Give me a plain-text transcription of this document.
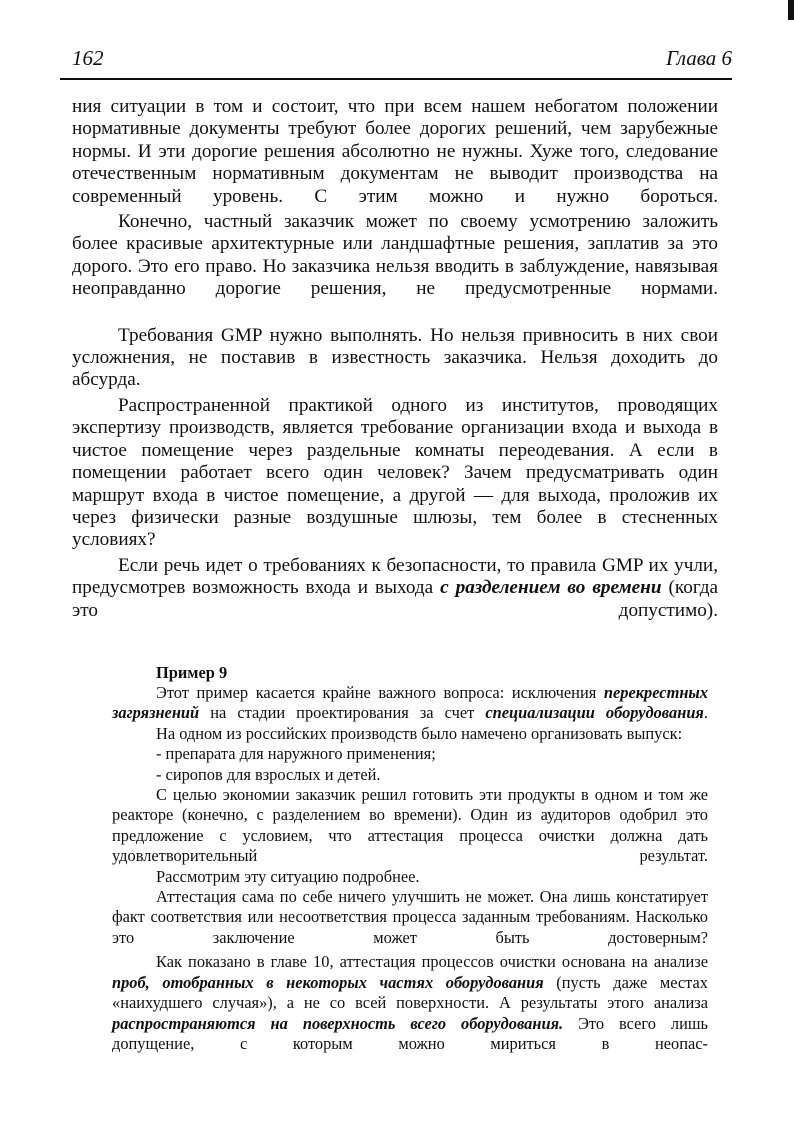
162	Глава 6

ния ситуации в том и состоит, что при всем нашем небогатом положении нормативные документы требуют более дорогих решений, чем зарубежные нормы. И эти дорогие решения абсолютно не нужны. Хуже того, следование отечественным нормативным документам не выводит производства на современный уровень. С этим можно и нужно бороться.

Конечно, частный заказчик может по своему усмотрению заложить более красивые архитектурные или ландшафтные решения, заплатив за это дорого. Это его право. Но заказчика нельзя вводить в заблуждение, навязывая неоправданно дорогие решения, не предусмотренные нормами.

Требования GMP нужно выполнять. Но нельзя привносить в них свои усложнения, не поставив в известность заказчика. Нельзя доходить до абсурда.

Распространенной практикой одного из институтов, проводящих экспертизу производств, является требование организации входа и выхода в чистое помещение через раздельные комнаты переодевания. А если в помещении работает всего один человек? Зачем предусматривать один маршрут входа в чистое помещение, а другой — для выхода, проложив их через физически разные воздушные шлюзы, тем более в стесненных условиях?

Если речь идет о требованиях к безопасности, то правила GMP их учли, предусмотрев возможность входа и выхода с разделением во времени (когда это допустимо).

Пример 9

Этот пример касается крайне важного вопроса: исключения перекрестных загрязнений на стадии проектирования за счет специализации оборудования.

На одном из российских производств было намечено организовать выпуск:

- препарата для наружного применения;

- сиропов для взрослых и детей.

С целью экономии заказчик решил готовить эти продукты в одном и том же реакторе (конечно, с разделением во времени). Один из аудиторов одобрил это предложение с условием, что аттестация процесса очистки должна дать удовлетворительный результат.

Рассмотрим эту ситуацию подробнее.

Аттестация сама по себе ничего улучшить не может. Она лишь констатирует факт соответствия или несоответствия процесса заданным требованиям. Насколько это заключение может быть достоверным?

Как показано в главе 10, аттестация процессов очистки основана на анализе проб, отобранных в некоторых частях оборудования (пусть даже местах «наихудшего случая»), а не со всей поверхности. А результаты этого анализа распространяются на поверхность всего оборудования. Это всего лишь допущение, с которым можно мириться в неопас-
